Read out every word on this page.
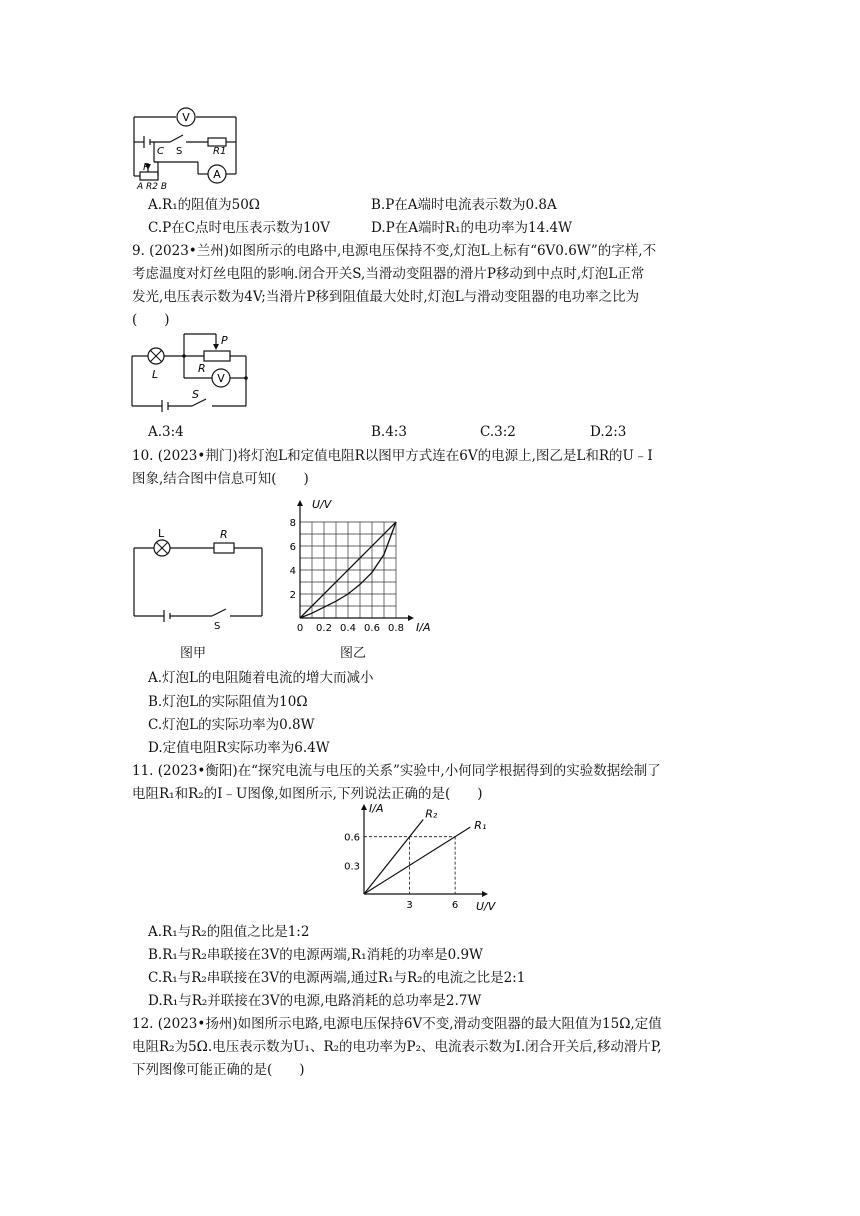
V
A
C S	R1
P
A R2 B
A.R₁的阻值为50Ω	B.P在A端时电流表示数为0.8A
C.P在C点时电压表示数为10V	D.P在A端时R₁的电功率为14.4W
9. (2023•兰州)如图所示的电路中,电源电压保持不变,灯泡L上标有“6V0.6W”的字样,不
考虑温度对灯丝电阻的影响.闭合开关S,当滑动变阻器的滑片P移动到中点时,灯泡L正常
发光,电压表示数为4V;当滑片P移到阻值最大处时,灯泡L与滑动变阻器的电功率之比为
(　　)
L	R
P
V
S
A.3:4	B.4:3	C.3:2	D.2:3
10. (2023•荆门)将灯泡L和定值电阻R以图甲方式连在6V的电源上,图乙是L和R的U﹣I
图象,结合图中信息可知(　　)
L	R
S
图甲
0 0.2 0.4 0.6 0.8
2
4
6
8
U/V
I/A
图乙
A.灯泡L的电阻随着电流的增大而减小
B.灯泡L的实际阻值为10Ω
C.灯泡L的实际功率为0.8W
D.定值电阻R实际功率为6.4W
11. (2023•衡阳)在“探究电流与电压的关系”实验中,小何同学根据得到的实验数据绘制了
电阻R₁和R₂的I﹣U图像,如图所示,下列说法正确的是(　　)
R₂
R₁
3	6
0.3
0.6
I/A
U/V
A.R₁与R₂的阻值之比是1:2
B.R₁与R₂串联接在3V的电源两端,R₁消耗的功率是0.9W
C.R₁与R₂串联接在3V的电源两端,通过R₁与R₂的电流之比是2:1
D.R₁与R₂并联接在3V的电源,电路消耗的总功率是2.7W
12. (2023•扬州)如图所示电路,电源电压保持6V不变,滑动变阻器的最大阻值为15Ω,定值
电阻R₂为5Ω.电压表示数为U₁、R₂的电功率为P₂、电流表示数为I.闭合开关后,移动滑片P,
下列图像可能正确的是(　　)
